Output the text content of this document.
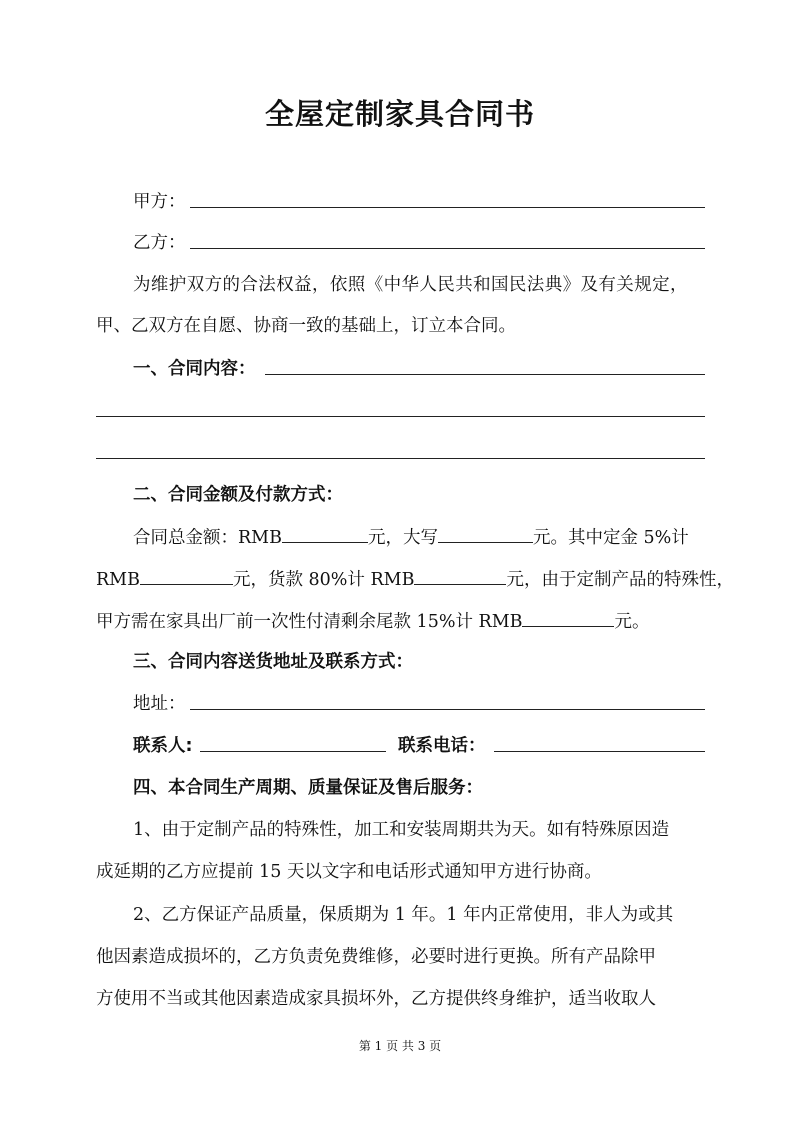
全屋定制家具合同书
甲方：
乙方：
为维护双方的合法权益，依照《中华人民共和国民法典》及有关规定，
甲、乙双方在自愿、协商一致的基础上，订立本合同。
一、合同内容：
二、合同金额及付款方式：
合同总金额：RMB	元，大写	元。其中定金 5%计
RMB	元，货款 80%计 RMB	元，由于定制产品的特殊性，
甲方需在家具出厂前一次性付清剩余尾款 15%计 RMB	元。
三、合同内容送货地址及联系方式：
地址：
联系人:	联系电话：
四、本合同生产周期、质量保证及售后服务：
1、由于定制产品的特殊性，加工和安装周期共为天。如有特殊原因造
成延期的乙方应提前 15 天以文字和电话形式通知甲方进行协商。
2、乙方保证产品质量，保质期为 1 年。1 年内正常使用，非人为或其
他因素造成损坏的，乙方负责免费维修，必要时进行更换。所有产品除甲
方使用不当或其他因素造成家具损坏外，乙方提供终身维护，适当收取人
第 1 页 共 3 页
